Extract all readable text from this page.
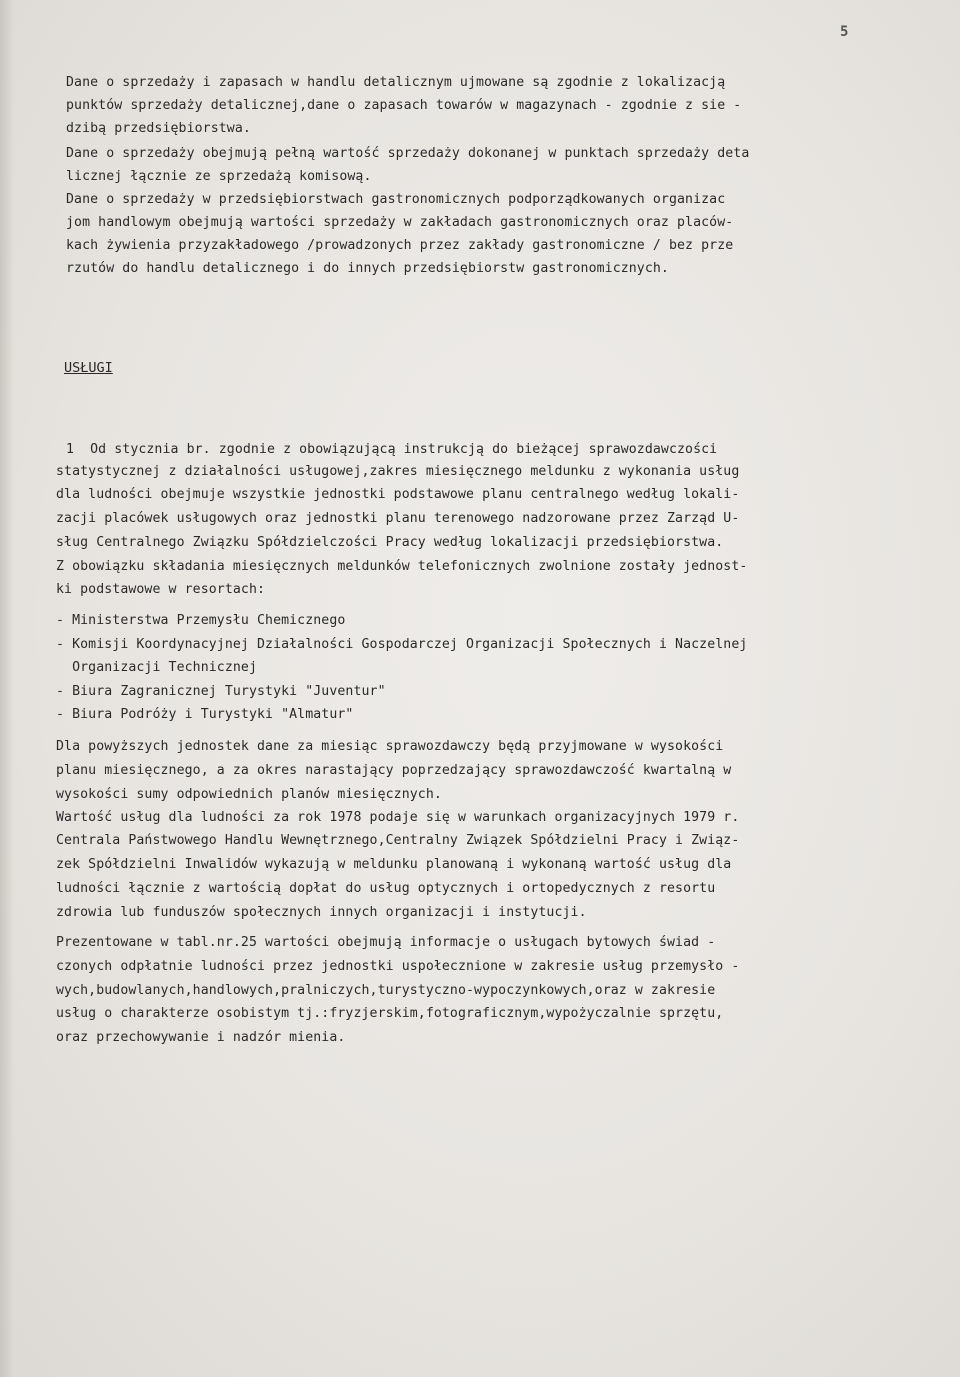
5
Dane o sprzedaży i zapasach w handlu detalicznym ujmowane są zgodnie z lokalizacją
punktów sprzedaży detalicznej,dane o zapasach towarów w magazynach - zgodnie z sie -
dzibą przedsiębiorstwa.
Dane o sprzedaży obejmują pełną wartość sprzedaży dokonanej w punktach sprzedaży deta
licznej łącznie ze sprzedażą komisową.
Dane o sprzedaży w przedsiębiorstwach gastronomicznych podporządkowanych organizac
jom handlowym obejmują wartości sprzedaży w zakładach gastronomicznych oraz placów-
kach żywienia przyzakładowego /prowadzonych przez zakłady gastronomiczne / bez prze
rzutów do handlu detalicznego i do innych przedsiębiorstw gastronomicznych.
USŁUGI
1  Od stycznia br. zgodnie z obowiązującą instrukcją do bieżącej sprawozdawczości
statystycznej z działalności usługowej,zakres miesięcznego meldunku z wykonania usług
dla ludności obejmuje wszystkie jednostki podstawowe planu centralnego według lokali-
zacji placówek usługowych oraz jednostki planu terenowego nadzorowane przez Zarząd U-
sług Centralnego Związku Spółdzielczości Pracy według lokalizacji przedsiębiorstwa.
Z obowiązku składania miesięcznych meldunków telefonicznych zwolnione zostały jednost-
ki podstawowe w resortach:
- Ministerstwa Przemysłu Chemicznego
- Komisji Koordynacyjnej Działalności Gospodarczej Organizacji Społecznych i Naczelnej
Organizacji Technicznej
- Biura Zagranicznej Turystyki "Juventur"
- Biura Podróży i Turystyki "Almatur"
Dla powyższych jednostek dane za miesiąc sprawozdawczy będą przyjmowane w wysokości
planu miesięcznego, a za okres narastający poprzedzający sprawozdawczość kwartalną w
wysokości sumy odpowiednich planów miesięcznych.
Wartość usług dla ludności za rok 1978 podaje się w warunkach organizacyjnych 1979 r.
Centrala Państwowego Handlu Wewnętrznego,Centralny Związek Spółdzielni Pracy i Związ-
zek Spółdzielni Inwalidów wykazują w meldunku planowaną i wykonaną wartość usług dla
ludności łącznie z wartością dopłat do usług optycznych i ortopedycznych z resortu
zdrowia lub funduszów społecznych innych organizacji i instytucji.
Prezentowane w tabl.nr.25 wartości obejmują informacje o usługach bytowych świad -
czonych odpłatnie ludności przez jednostki uspołecznione w zakresie usług przemysło -
wych,budowlanych,handlowych,pralniczych,turystyczno-wypoczynkowych,oraz w zakresie
usług o charakterze osobistym tj.:fryzjerskim,fotograficznym,wypożyczalnie sprzętu,
oraz przechowywanie i nadzór mienia.
